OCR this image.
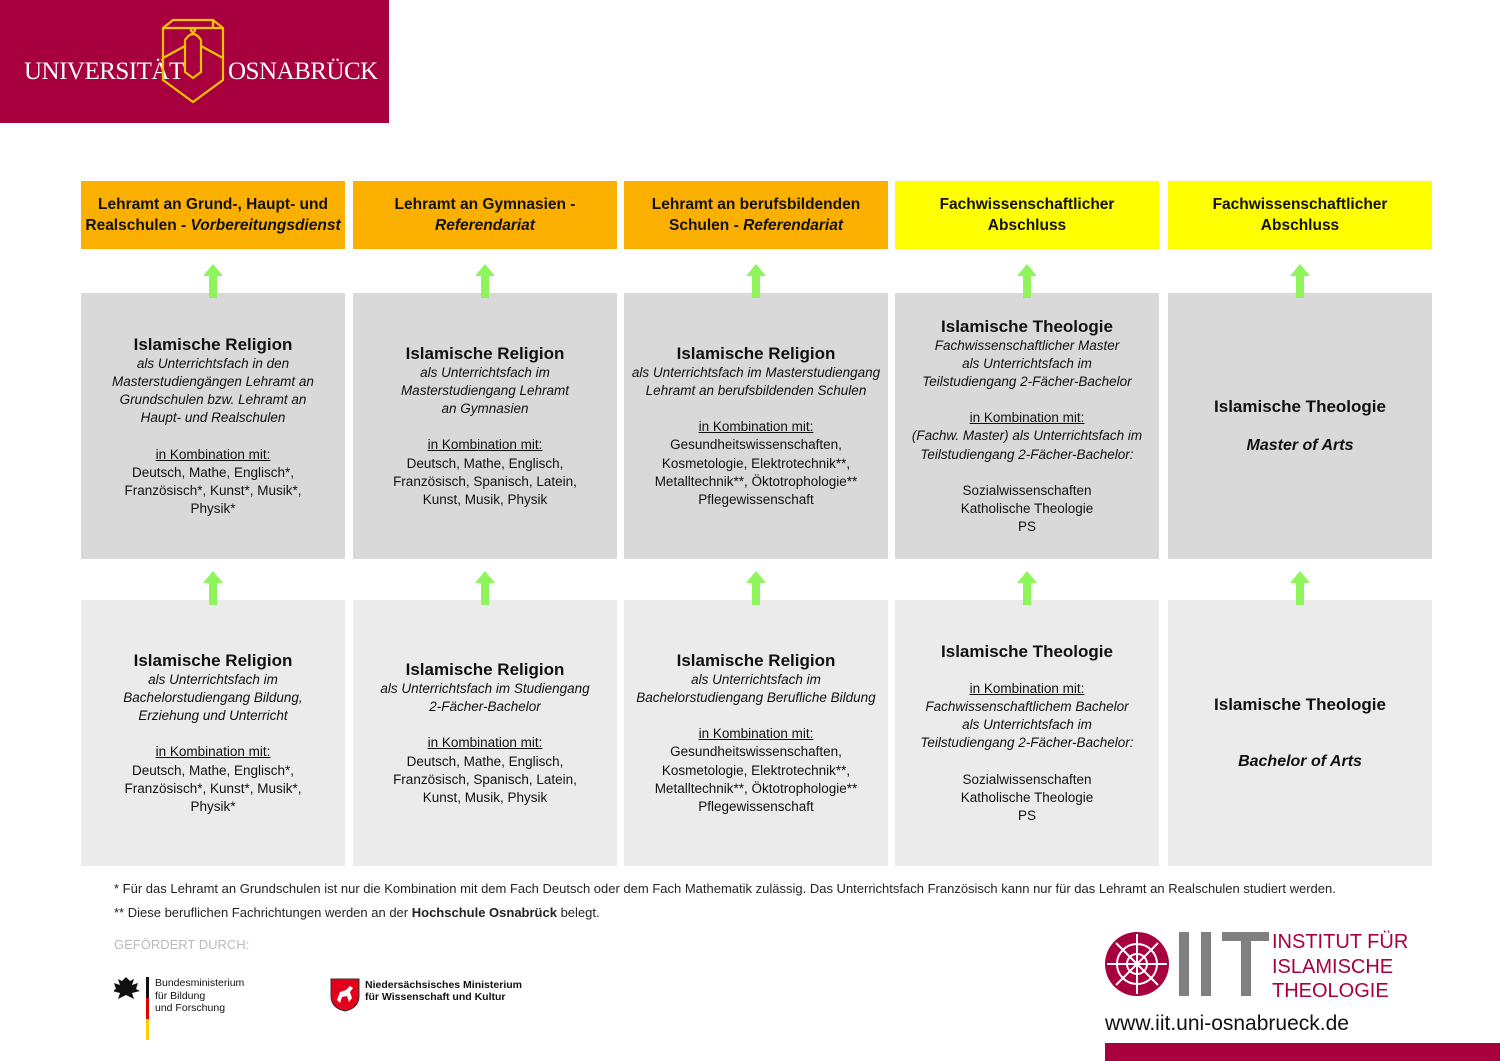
UNIVERSITÄT OSNABRÜCK
Lehramt an Grund-, Haupt- und
Realschulen - Vorbereitungsdienst
Islamische Religion
als Unterrichtsfach in den
Masterstudiengängen Lehramt an
Grundschulen bzw. Lehramt an
Haupt- und Realschulen
in Kombination mit:
Deutsch, Mathe, Englisch*,
Französisch*, Kunst*, Musik*,
Physik*
Islamische Religion
als Unterrichtsfach im
Bachelorstudiengang Bildung,
Erziehung und Unterricht
in Kombination mit:
Deutsch, Mathe, Englisch*,
Französisch*, Kunst*, Musik*,
Physik*
Lehramt an Gymnasien -
Referendariat
Islamische Religion
als Unterrichtsfach im
Masterstudiengang Lehramt
an Gymnasien
in Kombination mit:
Deutsch, Mathe, Englisch,
Französisch, Spanisch, Latein,
Kunst, Musik, Physik
Islamische Religion
als Unterrichtsfach im Studiengang
2-Fächer-Bachelor
in Kombination mit:
Deutsch, Mathe, Englisch,
Französisch, Spanisch, Latein,
Kunst, Musik, Physik
Lehramt an berufsbildenden
Schulen - Referendariat
Islamische Religion
als Unterrichtsfach im Masterstudiengang
Lehramt an berufsbildenden Schulen
in Kombination mit:
Gesundheitswissenschaften,
Kosmetologie, Elektrotechnik**,
Metalltechnik**, Öktotrophologie**
Pflegewissenschaft
Islamische Religion
als Unterrichtsfach im
Bachelorstudiengang Berufliche Bildung
in Kombination mit:
Gesundheitswissenschaften,
Kosmetologie, Elektrotechnik**,
Metalltechnik**, Öktotrophologie**
Pflegewissenschaft
Fachwissenschaftlicher
Abschluss
Islamische Theologie
Fachwissenschaftlicher Master
als Unterrichtsfach im
Teilstudiengang 2-Fächer-Bachelor
in Kombination mit:
(Fachw. Master) als Unterrichtsfach im
Teilstudiengang 2-Fächer-Bachelor:
Sozialwissenschaften
Katholische Theologie
PS
Islamische Theologie
in Kombination mit:
Fachwissenschaftlichem Bachelor
als Unterrichtsfach im
Teilstudiengang 2-Fächer-Bachelor:
Sozialwissenschaften
Katholische Theologie
PS
Fachwissenschaftlicher
Abschluss
Islamische Theologie
Master of Arts
Islamische Theologie
Bachelor of Arts
* Für das Lehramt an Grundschulen ist nur die Kombination mit dem Fach Deutsch oder dem Fach Mathematik zulässig. Das Unterrichtsfach Französisch kann nur für das Lehramt an Realschulen studiert werden.
** Diese beruflichen Fachrichtungen werden an der Hochschule Osnabrück belegt.
GEFÖRDERT DURCH:
Bundesministerium
für Bildung
und Forschung
Niedersächsisches Ministerium
für Wissenschaft und Kultur
INSTITUT FÜR
ISLAMISCHE
THEOLOGIE
www.iit.uni-osnabrueck.de
